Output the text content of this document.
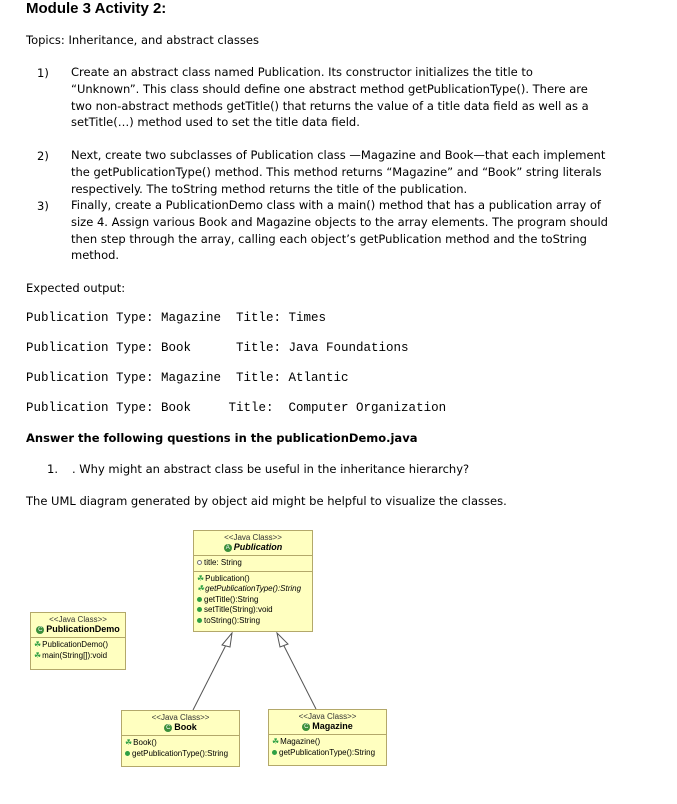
Module 3 Activity 2:
Topics: Inheritance, and abstract classes
1) Create an abstract class named Publication. Its constructor initializes the title to
“Unknown”. This class should define one abstract method getPublicationType(). There are
two non-abstract methods getTitle() that returns the value of a title data field as well as a
setTitle(…) method used to set the title data field.
2) Next, create two subclasses of Publication class —Magazine and Book—that each implement
the getPublicationType() method. This method returns “Magazine” and “Book” string literals
respectively. The toString method returns the title of the publication.
3) Finally, create a PublicationDemo class with a main() method that has a publication array of
size 4. Assign various Book and Magazine objects to the array elements. The program should
then step through the array, calling each object’s getPublication method and the toString
method.
Expected output:
Publication Type: Magazine  Title: Times
Publication Type: Book      Title: Java Foundations
Publication Type: Magazine  Title: Atlantic
Publication Type: Book     Title:  Computer Organization
Answer the following questions in the publicationDemo.java
1. . Why might an abstract class be useful in the inheritance hierarchy?
The UML diagram generated by object aid might be helpful to visualize the classes.
<<Java Class>>
A Publication
title: String
☘Publication()
☘getPublicationType():String
getTitle():String
setTitle(String):void
toString():String
<<Java Class>>
C PublicationDemo
☘PublicationDemo()
☘main(String[]):void
<<Java Class>>
C Book
☘Book()
getPublicationType():String
<<Java Class>>
C Magazine
☘Magazine()
getPublicationType():String
